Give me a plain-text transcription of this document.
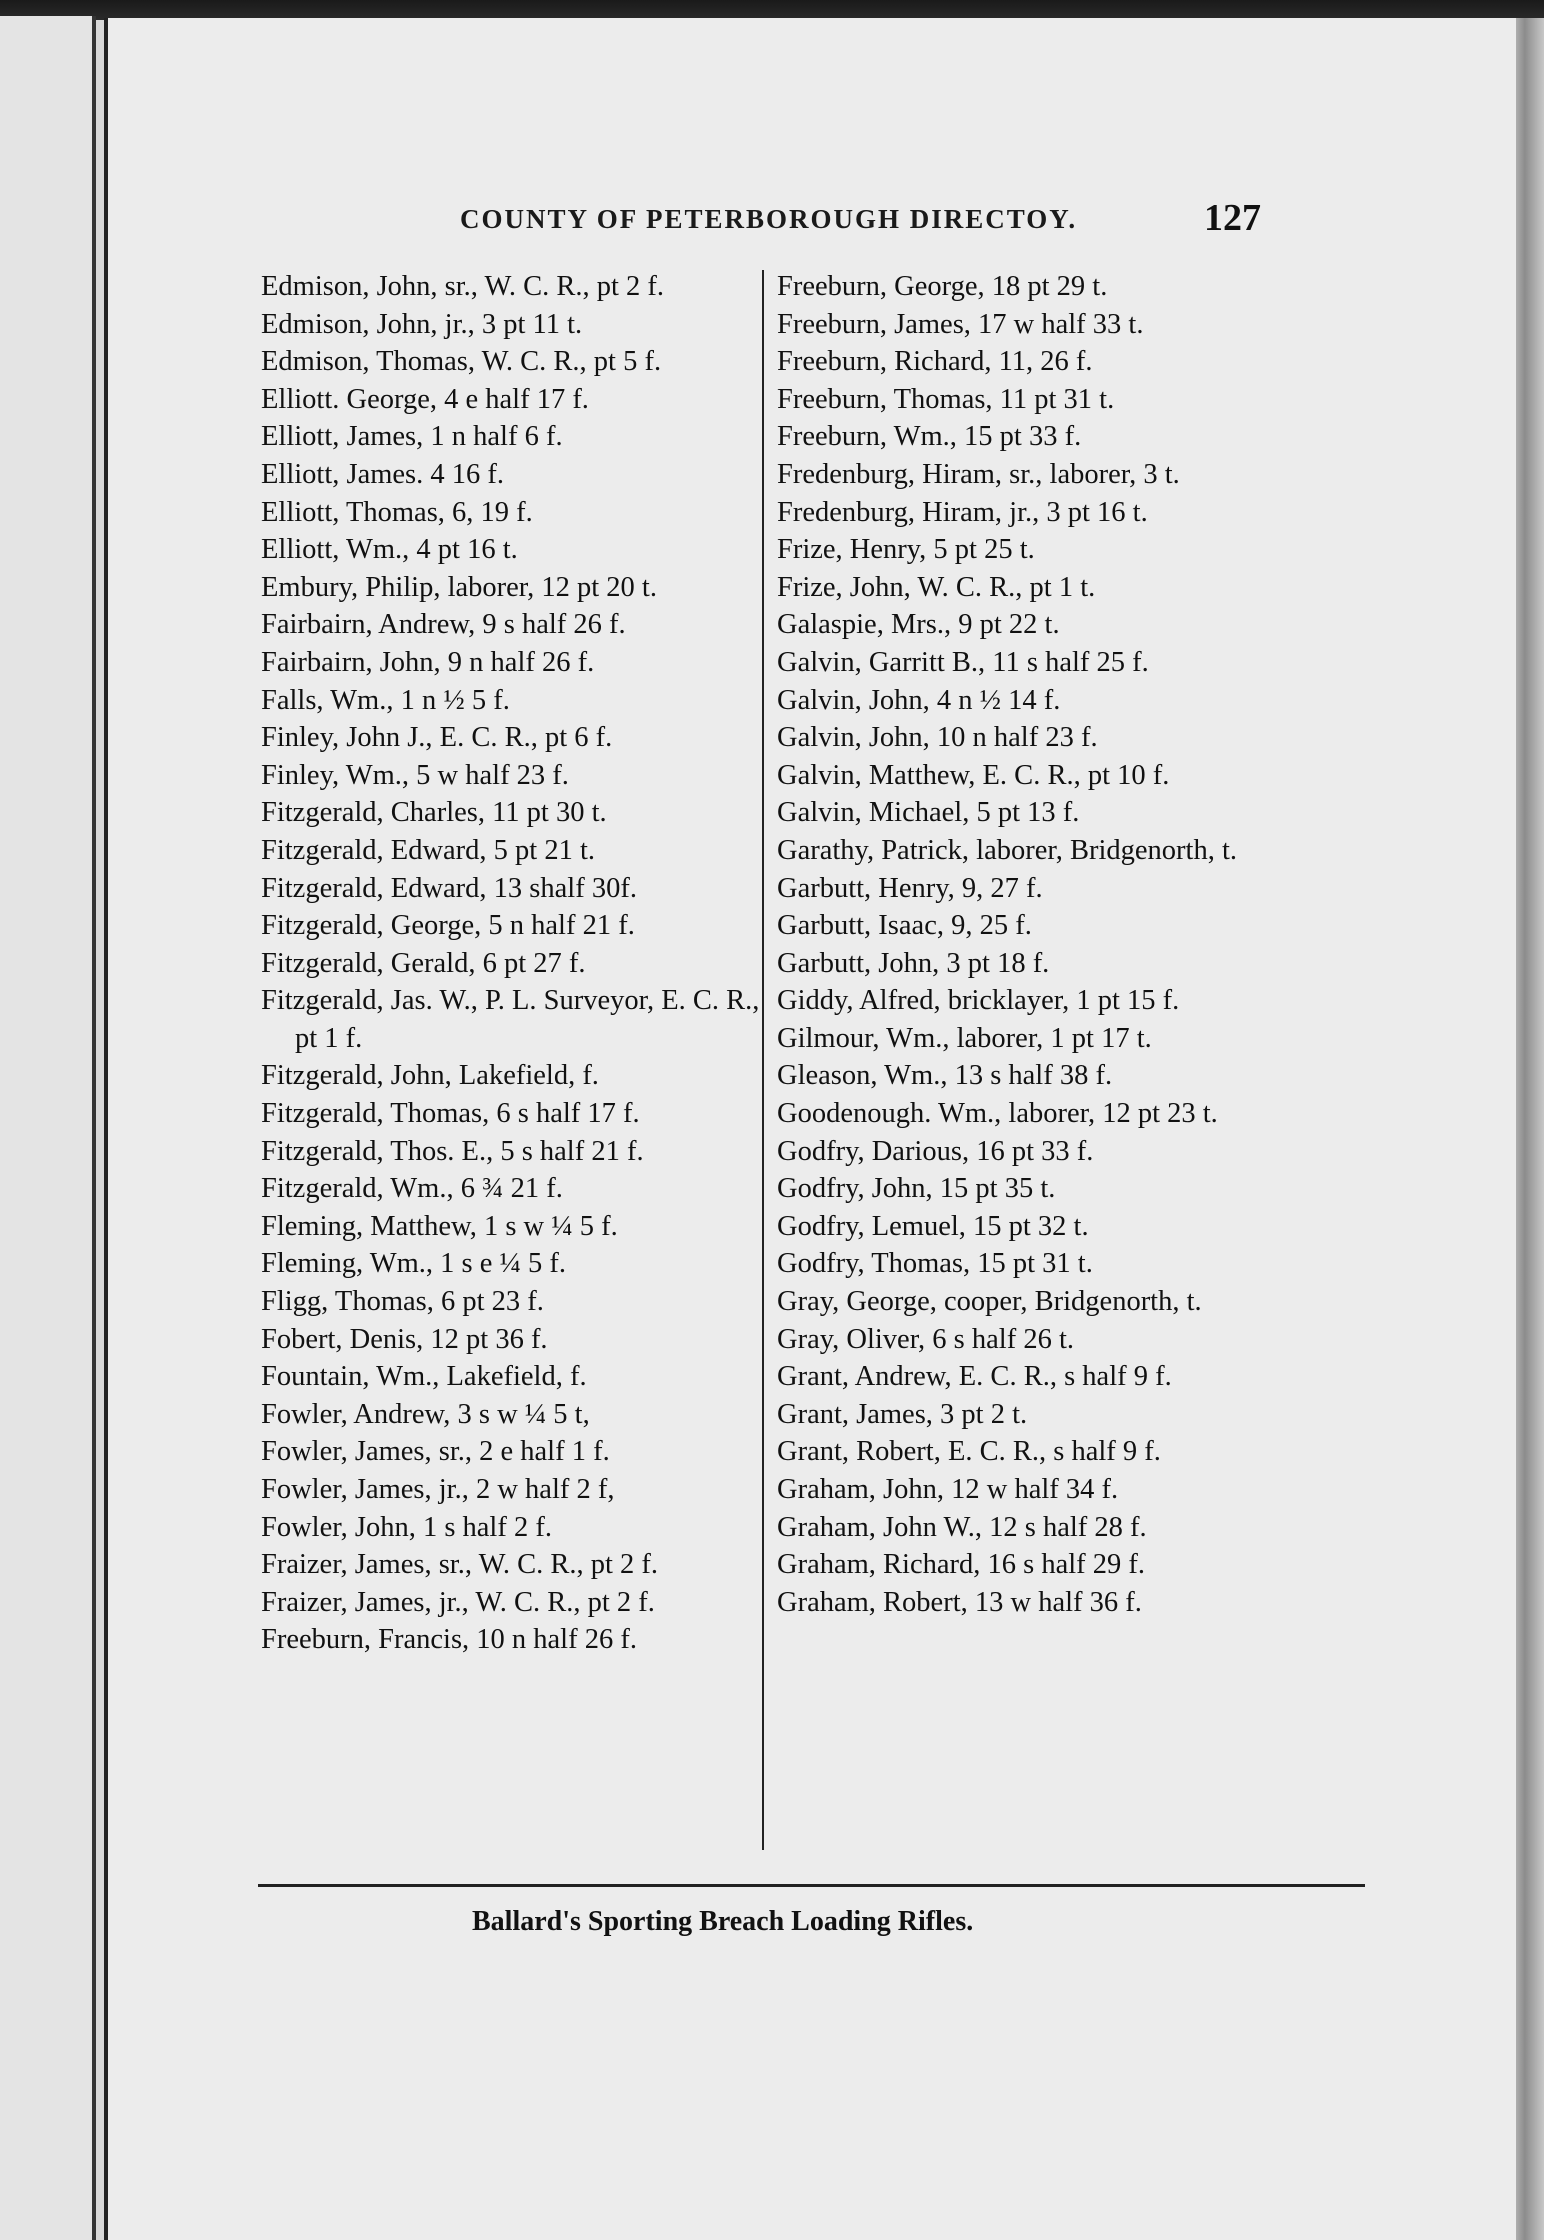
COUNTY OF PETERBOROUGH DIRECTOY.	127
Edmison, John, sr., W. C. R., pt 2 f.
Edmison, John, jr., 3 pt 11 t.
Edmison, Thomas, W. C. R., pt 5 f.
Elliott. George, 4 e half 17 f.
Elliott, James, 1 n half 6 f.
Elliott, James. 4 16 f.
Elliott, Thomas, 6, 19 f.
Elliott, Wm., 4 pt 16 t.
Embury, Philip, laborer, 12 pt 20 t.
Fairbairn, Andrew, 9 s half 26 f.
Fairbairn, John, 9 n half 26 f.
Falls, Wm., 1 n ½ 5 f.
Finley, John J., E. C. R., pt 6 f.
Finley, Wm., 5 w half 23 f.
Fitzgerald, Charles, 11 pt 30 t.
Fitzgerald, Edward, 5 pt 21 t.
Fitzgerald, Edward, 13 shalf 30f.
Fitzgerald, George, 5 n half 21 f.
Fitzgerald, Gerald, 6 pt 27 f.
Fitzgerald, Jas. W., P. L. Surveyor, E. C. R., pt 1 f.
Fitzgerald, John, Lakefield, f.
Fitzgerald, Thomas, 6 s half 17 f.
Fitzgerald, Thos. E., 5 s half 21 f.
Fitzgerald, Wm., 6 ¾ 21 f.
Fleming, Matthew, 1 s w ¼ 5 f.
Fleming, Wm., 1 s e ¼ 5 f.
Fligg, Thomas, 6 pt 23 f.
Fobert, Denis, 12 pt 36 f.
Fountain, Wm., Lakefield, f.
Fowler, Andrew, 3 s w ¼ 5 t,
Fowler, James, sr., 2 e half 1 f.
Fowler, James, jr., 2 w half 2 f,
Fowler, John, 1 s half 2 f.
Fraizer, James, sr., W. C. R., pt 2 f.
Fraizer, James, jr., W. C. R., pt 2 f.
Freeburn, Francis, 10 n half 26 f.
Freeburn, George, 18 pt 29 t.
Freeburn, James, 17 w half 33 t.
Freeburn, Richard, 11, 26 f.
Freeburn, Thomas, 11 pt 31 t.
Freeburn, Wm., 15 pt 33 f.
Fredenburg, Hiram, sr., laborer, 3 t.
Fredenburg, Hiram, jr., 3 pt 16 t.
Frize, Henry, 5 pt 25 t.
Frize, John, W. C. R., pt 1 t.
Galaspie, Mrs., 9 pt 22 t.
Galvin, Garritt B., 11 s half 25 f.
Galvin, John, 4 n ½ 14 f.
Galvin, John, 10 n half 23 f.
Galvin, Matthew, E. C. R., pt 10 f.
Galvin, Michael, 5 pt 13 f.
Garathy, Patrick, laborer, Bridgenorth, t.
Garbutt, Henry, 9, 27 f.
Garbutt, Isaac, 9, 25 f.
Garbutt, John, 3 pt 18 f.
Giddy, Alfred, bricklayer, 1 pt 15 f.
Gilmour, Wm., laborer, 1 pt 17 t.
Gleason, Wm., 13 s half 38 f.
Goodenough. Wm., laborer, 12 pt 23 t.
Godfry, Darious, 16 pt 33 f.
Godfry, John, 15 pt 35 t.
Godfry, Lemuel, 15 pt 32 t.
Godfry, Thomas, 15 pt 31 t.
Gray, George, cooper, Bridgenorth, t.
Gray, Oliver, 6 s half 26 t.
Grant, Andrew, E. C. R., s half 9 f.
Grant, James, 3 pt 2 t.
Grant, Robert, E. C. R., s half 9 f.
Graham, John, 12 w half 34 f.
Graham, John W., 12 s half 28 f.
Graham, Richard, 16 s half 29 f.
Graham, Robert, 13 w half 36 f.
Ballard's Sporting Breach Loading Rifles.
